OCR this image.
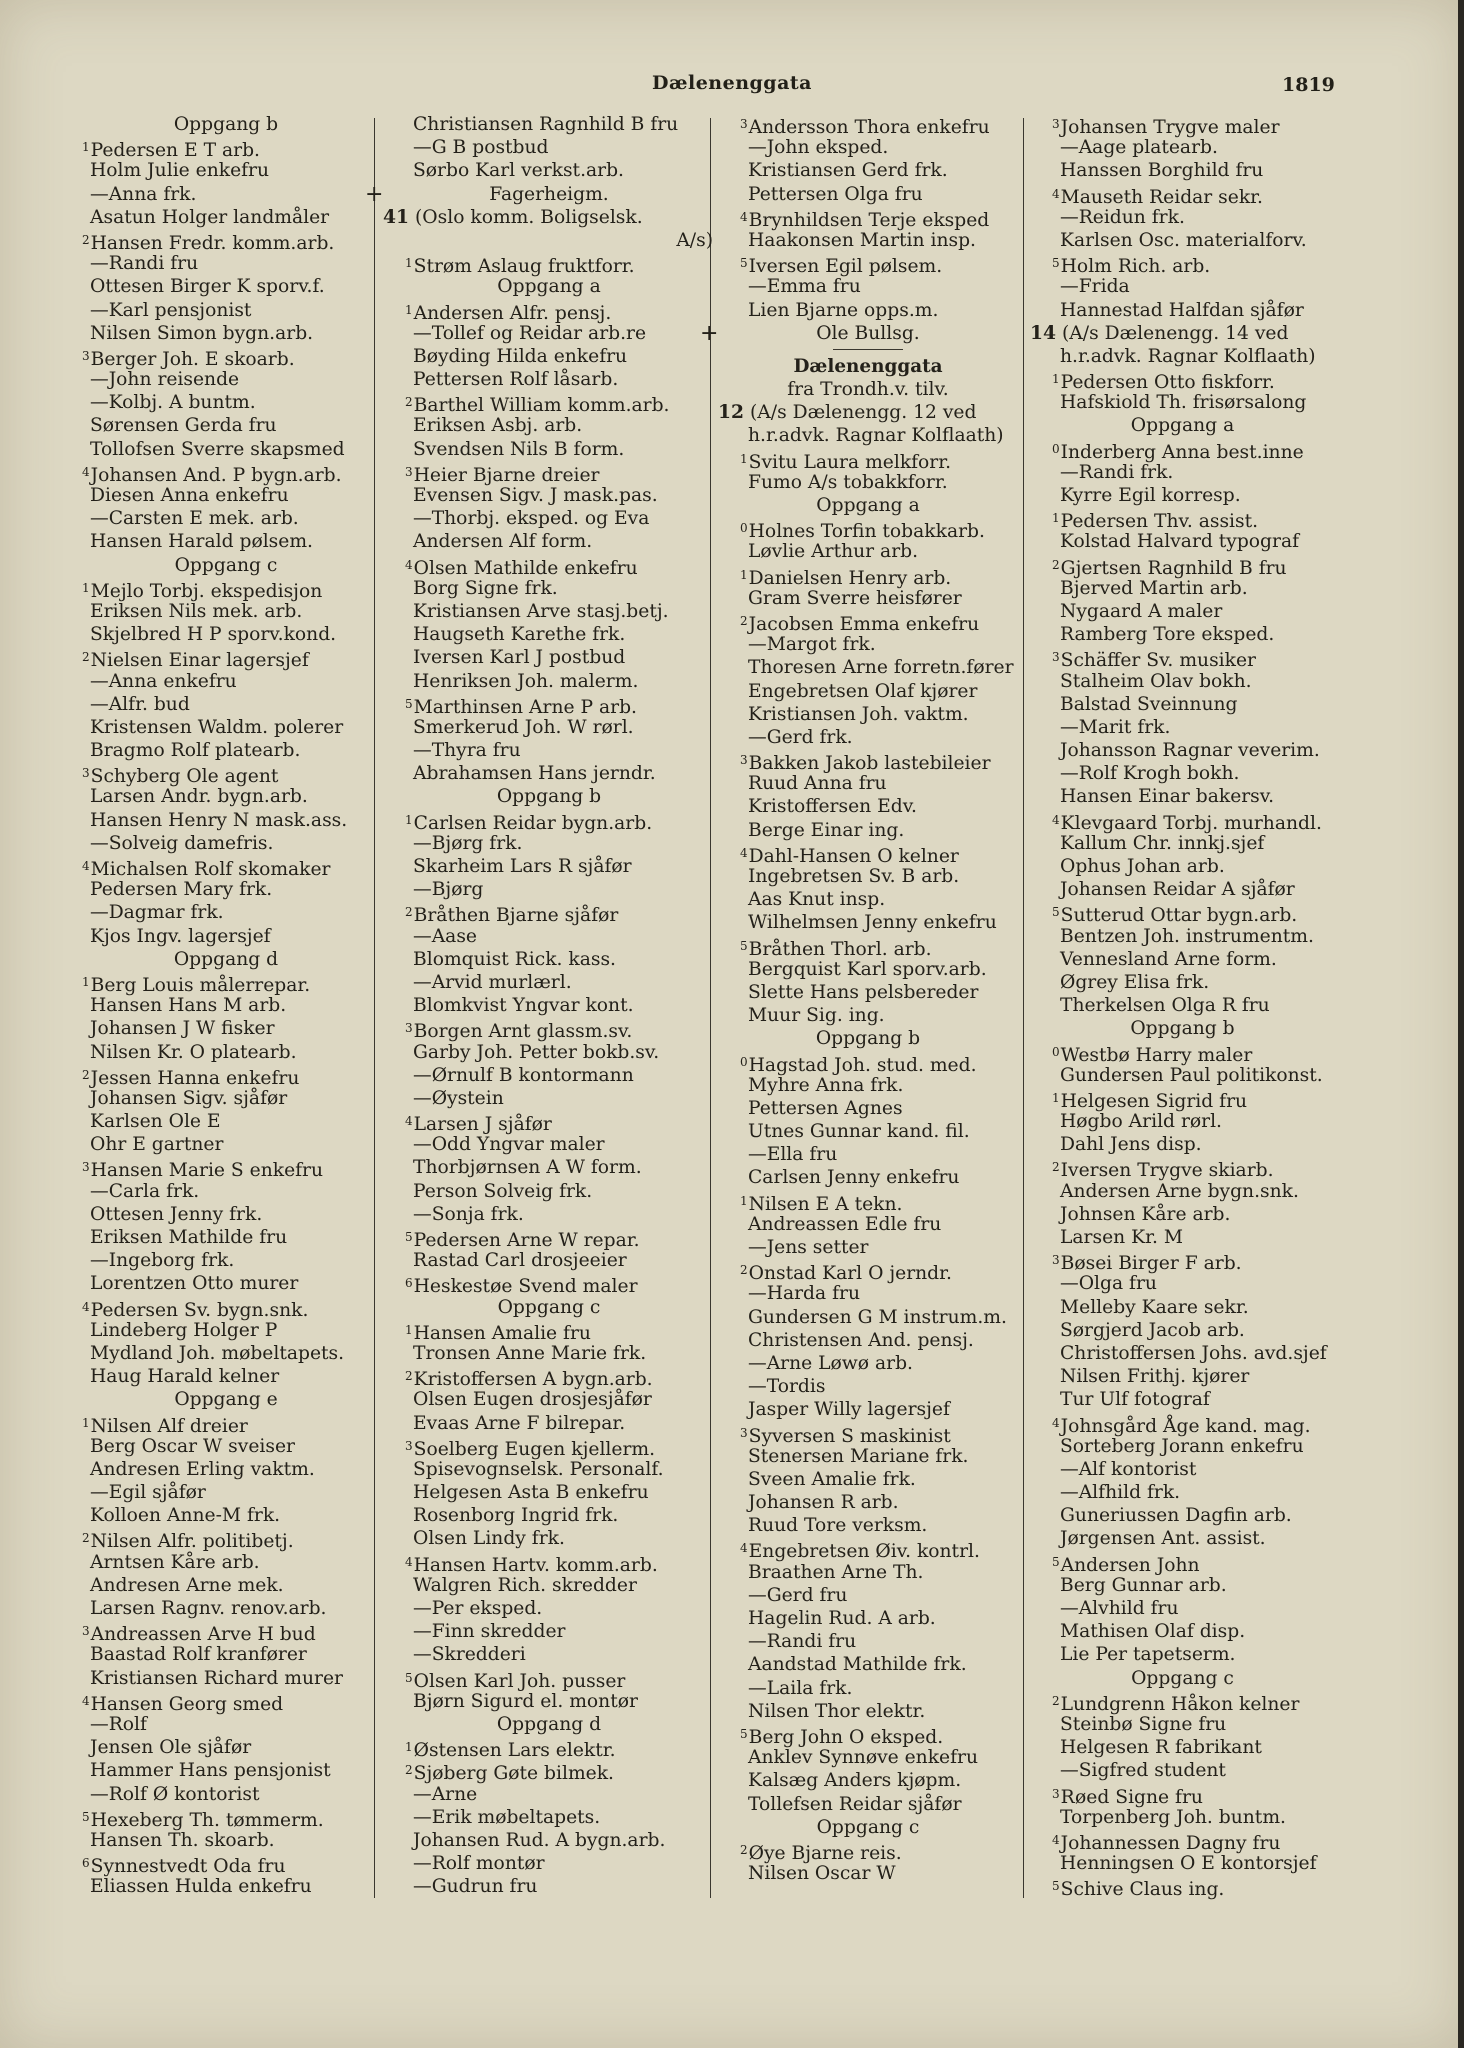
Dælenenggata	1819
Oppgang b
$^1$Pedersen E T arb.
Holm Julie enkefru
—Anna frk.
Asatun Holger landmåler
$^2$Hansen Fredr. komm.arb.
—Randi fru
Ottesen Birger K sporv.f.
—Karl pensjonist
Nilsen Simon bygn.arb.
$^3$Berger Joh. E skoarb.
—John reisende
—Kolbj. A buntm.
Sørensen Gerda fru
Tollofsen Sverre skapsmed
$^4$Johansen And. P bygn.arb.
Diesen Anna enkefru
—Carsten E mek. arb.
Hansen Harald pølsem.
Oppgang c
$^1$Mejlo Torbj. ekspedisjon
Eriksen Nils mek. arb.
Skjelbred H P sporv.kond.
$^2$Nielsen Einar lagersjef
—Anna enkefru
—Alfr. bud
Kristensen Waldm. polerer
Bragmo Rolf platearb.
$^3$Schyberg Ole agent
Larsen Andr. bygn.arb.
Hansen Henry N mask.ass.
—Solveig damefris.
$^4$Michalsen Rolf skomaker
Pedersen Mary frk.
—Dagmar frk.
Kjos Ingv. lagersjef
Oppgang d
$^1$Berg Louis målerrepar.
Hansen Hans M arb.
Johansen J W fisker
Nilsen Kr. O platearb.
$^2$Jessen Hanna enkefru
Johansen Sigv. sjåfør
Karlsen Ole E
Ohr E gartner
$^3$Hansen Marie S enkefru
—Carla frk.
Ottesen Jenny frk.
Eriksen Mathilde fru
—Ingeborg frk.
Lorentzen Otto murer
$^4$Pedersen Sv. bygn.snk.
Lindeberg Holger P
Mydland Joh. møbeltapets.
Haug Harald kelner
Oppgang e
$^1$Nilsen Alf dreier
Berg Oscar W sveiser
Andresen Erling vaktm.
—Egil sjåfør
Kolloen Anne-M frk.
$^2$Nilsen Alfr. politibetj.
Arntsen Kåre arb.
Andresen Arne mek.
Larsen Ragnv. renov.arb.
$^3$Andreassen Arve H bud
Baastad Rolf kranfører
Kristiansen Richard murer
$^4$Hansen Georg smed
—Rolf
Jensen Ole sjåfør
Hammer Hans pensjonist
—Rolf Ø kontorist
$^5$Hexeberg Th. tømmerm.
Hansen Th. skoarb.
$^6$Synnestvedt Oda fru
Eliassen Hulda enkefru
Christiansen Ragnhild B fru
—G B postbud
Sørbo Karl verkst.arb.
+	Fagerheigm.
41 (Oslo komm. Boligselsk.
A/s)
$^1$Strøm Aslaug fruktforr.
Oppgang a
$^1$Andersen Alfr. pensj.
—Tollef og Reidar arb.re
Bøyding Hilda enkefru
Pettersen Rolf låsarb.
$^2$Barthel William komm.arb.
Eriksen Asbj. arb.
Svendsen Nils B form.
$^3$Heier Bjarne dreier
Evensen Sigv. J mask.pas.
—Thorbj. eksped. og Eva
Andersen Alf form.
$^4$Olsen Mathilde enkefru
Borg Signe frk.
Kristiansen Arve stasj.betj.
Haugseth Karethe frk.
Iversen Karl J postbud
Henriksen Joh. malerm.
$^5$Marthinsen Arne P arb.
Smerkerud Joh. W rørl.
—Thyra fru
Abrahamsen Hans jerndr.
Oppgang b
$^1$Carlsen Reidar bygn.arb.
—Bjørg frk.
Skarheim Lars R sjåfør
—Bjørg
$^2$Bråthen Bjarne sjåfør
—Aase
Blomquist Rick. kass.
—Arvid murlærl.
Blomkvist Yngvar kont.
$^3$Borgen Arnt glassm.sv.
Garby Joh. Petter bokb.sv.
—Ørnulf B kontormann
—Øystein
$^4$Larsen J sjåfør
—Odd Yngvar maler
Thorbjørnsen A W form.
Person Solveig frk.
—Sonja frk.
$^5$Pedersen Arne W repar.
Rastad Carl drosjeeier
$^6$Heskestøe Svend maler
Oppgang c
$^1$Hansen Amalie fru
Tronsen Anne Marie frk.
$^2$Kristoffersen A bygn.arb.
Olsen Eugen drosjesjåfør
Evaas Arne F bilrepar.
$^3$Soelberg Eugen kjellerm.
Spisevognselsk. Personalf.
Helgesen Asta B enkefru
Rosenborg Ingrid frk.
Olsen Lindy frk.
$^4$Hansen Hartv. komm.arb.
Walgren Rich. skredder
—Per eksped.
—Finn skredder
—Skredderi
$^5$Olsen Karl Joh. pusser
Bjørn Sigurd el. montør
Oppgang d
$^1$Østensen Lars elektr.
$^2$Sjøberg Gøte bilmek.
—Arne
—Erik møbeltapets.
Johansen Rud. A bygn.arb.
—Rolf montør
—Gudrun fru
$^3$Andersson Thora enkefru
—John eksped.
Kristiansen Gerd frk.
Pettersen Olga fru
$^4$Brynhildsen Terje eksped
Haakonsen Martin insp.
$^5$Iversen Egil pølsem.
—Emma fru
Lien Bjarne opps.m.
+	Ole Bullsg.
Dælenenggata
fra Trondh.v. tilv.
12 (A/s Dælenengg. 12 ved
h.r.advk. Ragnar Kolflaath)
$^1$Svitu Laura melkforr.
Fumo A/s tobakkforr.
Oppgang a
$^0$Holnes Torfin tobakkarb.
Løvlie Arthur arb.
$^1$Danielsen Henry arb.
Gram Sverre heisfører
$^2$Jacobsen Emma enkefru
—Margot frk.
Thoresen Arne forretn.fører
Engebretsen Olaf kjører
Kristiansen Joh. vaktm.
—Gerd frk.
$^3$Bakken Jakob lastebileier
Ruud Anna fru
Kristoffersen Edv.
Berge Einar ing.
$^4$Dahl-Hansen O kelner
Ingebretsen Sv. B arb.
Aas Knut insp.
Wilhelmsen Jenny enkefru
$^5$Bråthen Thorl. arb.
Bergquist Karl sporv.arb.
Slette Hans pelsbereder
Muur Sig. ing.
Oppgang b
$^0$Hagstad Joh. stud. med.
Myhre Anna frk.
Pettersen Agnes
Utnes Gunnar kand. fil.
—Ella fru
Carlsen Jenny enkefru
$^1$Nilsen E A tekn.
Andreassen Edle fru
—Jens setter
$^2$Onstad Karl O jerndr.
—Harda fru
Gundersen G M instrum.m.
Christensen And. pensj.
—Arne Løwø arb.
—Tordis
Jasper Willy lagersjef
$^3$Syversen S maskinist
Stenersen Mariane frk.
Sveen Amalie frk.
Johansen R arb.
Ruud Tore verksm.
$^4$Engebretsen Øiv. kontrl.
Braathen Arne Th.
—Gerd fru
Hagelin Rud. A arb.
—Randi fru
Aandstad Mathilde frk.
—Laila frk.
Nilsen Thor elektr.
$^5$Berg John O eksped.
Anklev Synnøve enkefru
Kalsæg Anders kjøpm.
Tollefsen Reidar sjåfør
Oppgang c
$^2$Øye Bjarne reis.
Nilsen Oscar W
$^3$Johansen Trygve maler
—Aage platearb.
Hanssen Borghild fru
$^4$Mauseth Reidar sekr.
—Reidun frk.
Karlsen Osc. materialforv.
$^5$Holm Rich. arb.
—Frida
Hannestad Halfdan sjåfør
14 (A/s Dælenengg. 14 ved
h.r.advk. Ragnar Kolflaath)
$^1$Pedersen Otto fiskforr.
Hafskiold Th. frisørsalong
Oppgang a
$^0$Inderberg Anna best.inne
—Randi frk.
Kyrre Egil korresp.
$^1$Pedersen Thv. assist.
Kolstad Halvard typograf
$^2$Gjertsen Ragnhild B fru
Bjerved Martin arb.
Nygaard A maler
Ramberg Tore eksped.
$^3$Schäffer Sv. musiker
Stalheim Olav bokh.
Balstad Sveinnung
—Marit frk.
Johansson Ragnar veverim.
—Rolf Krogh bokh.
Hansen Einar bakersv.
$^4$Klevgaard Torbj. murhandl.
Kallum Chr. innkj.sjef
Ophus Johan arb.
Johansen Reidar A sjåfør
$^5$Sutterud Ottar bygn.arb.
Bentzen Joh. instrumentm.
Vennesland Arne form.
Øgrey Elisa frk.
Therkelsen Olga R fru
Oppgang b
$^0$Westbø Harry maler
Gundersen Paul politikonst.
$^1$Helgesen Sigrid fru
Høgbo Arild rørl.
Dahl Jens disp.
$^2$Iversen Trygve skiarb.
Andersen Arne bygn.snk.
Johnsen Kåre arb.
Larsen Kr. M
$^3$Bøsei Birger F arb.
—Olga fru
Melleby Kaare sekr.
Sørgjerd Jacob arb.
Christoffersen Johs. avd.sjef
Nilsen Frithj. kjører
Tur Ulf fotograf
$^4$Johnsgård Åge kand. mag.
Sorteberg Jorann enkefru
—Alf kontorist
—Alfhild frk.
Guneriussen Dagfin arb.
Jørgensen Ant. assist.
$^5$Andersen John
Berg Gunnar arb.
—Alvhild fru
Mathisen Olaf disp.
Lie Per tapetserm.
Oppgang c
$^2$Lundgrenn Håkon kelner
Steinbø Signe fru
Helgesen R fabrikant
—Sigfred student
$^3$Røed Signe fru
Torpenberg Joh. buntm.
$^4$Johannessen Dagny fru
Henningsen O E kontorsjef
$^5$Schive Claus ing.
